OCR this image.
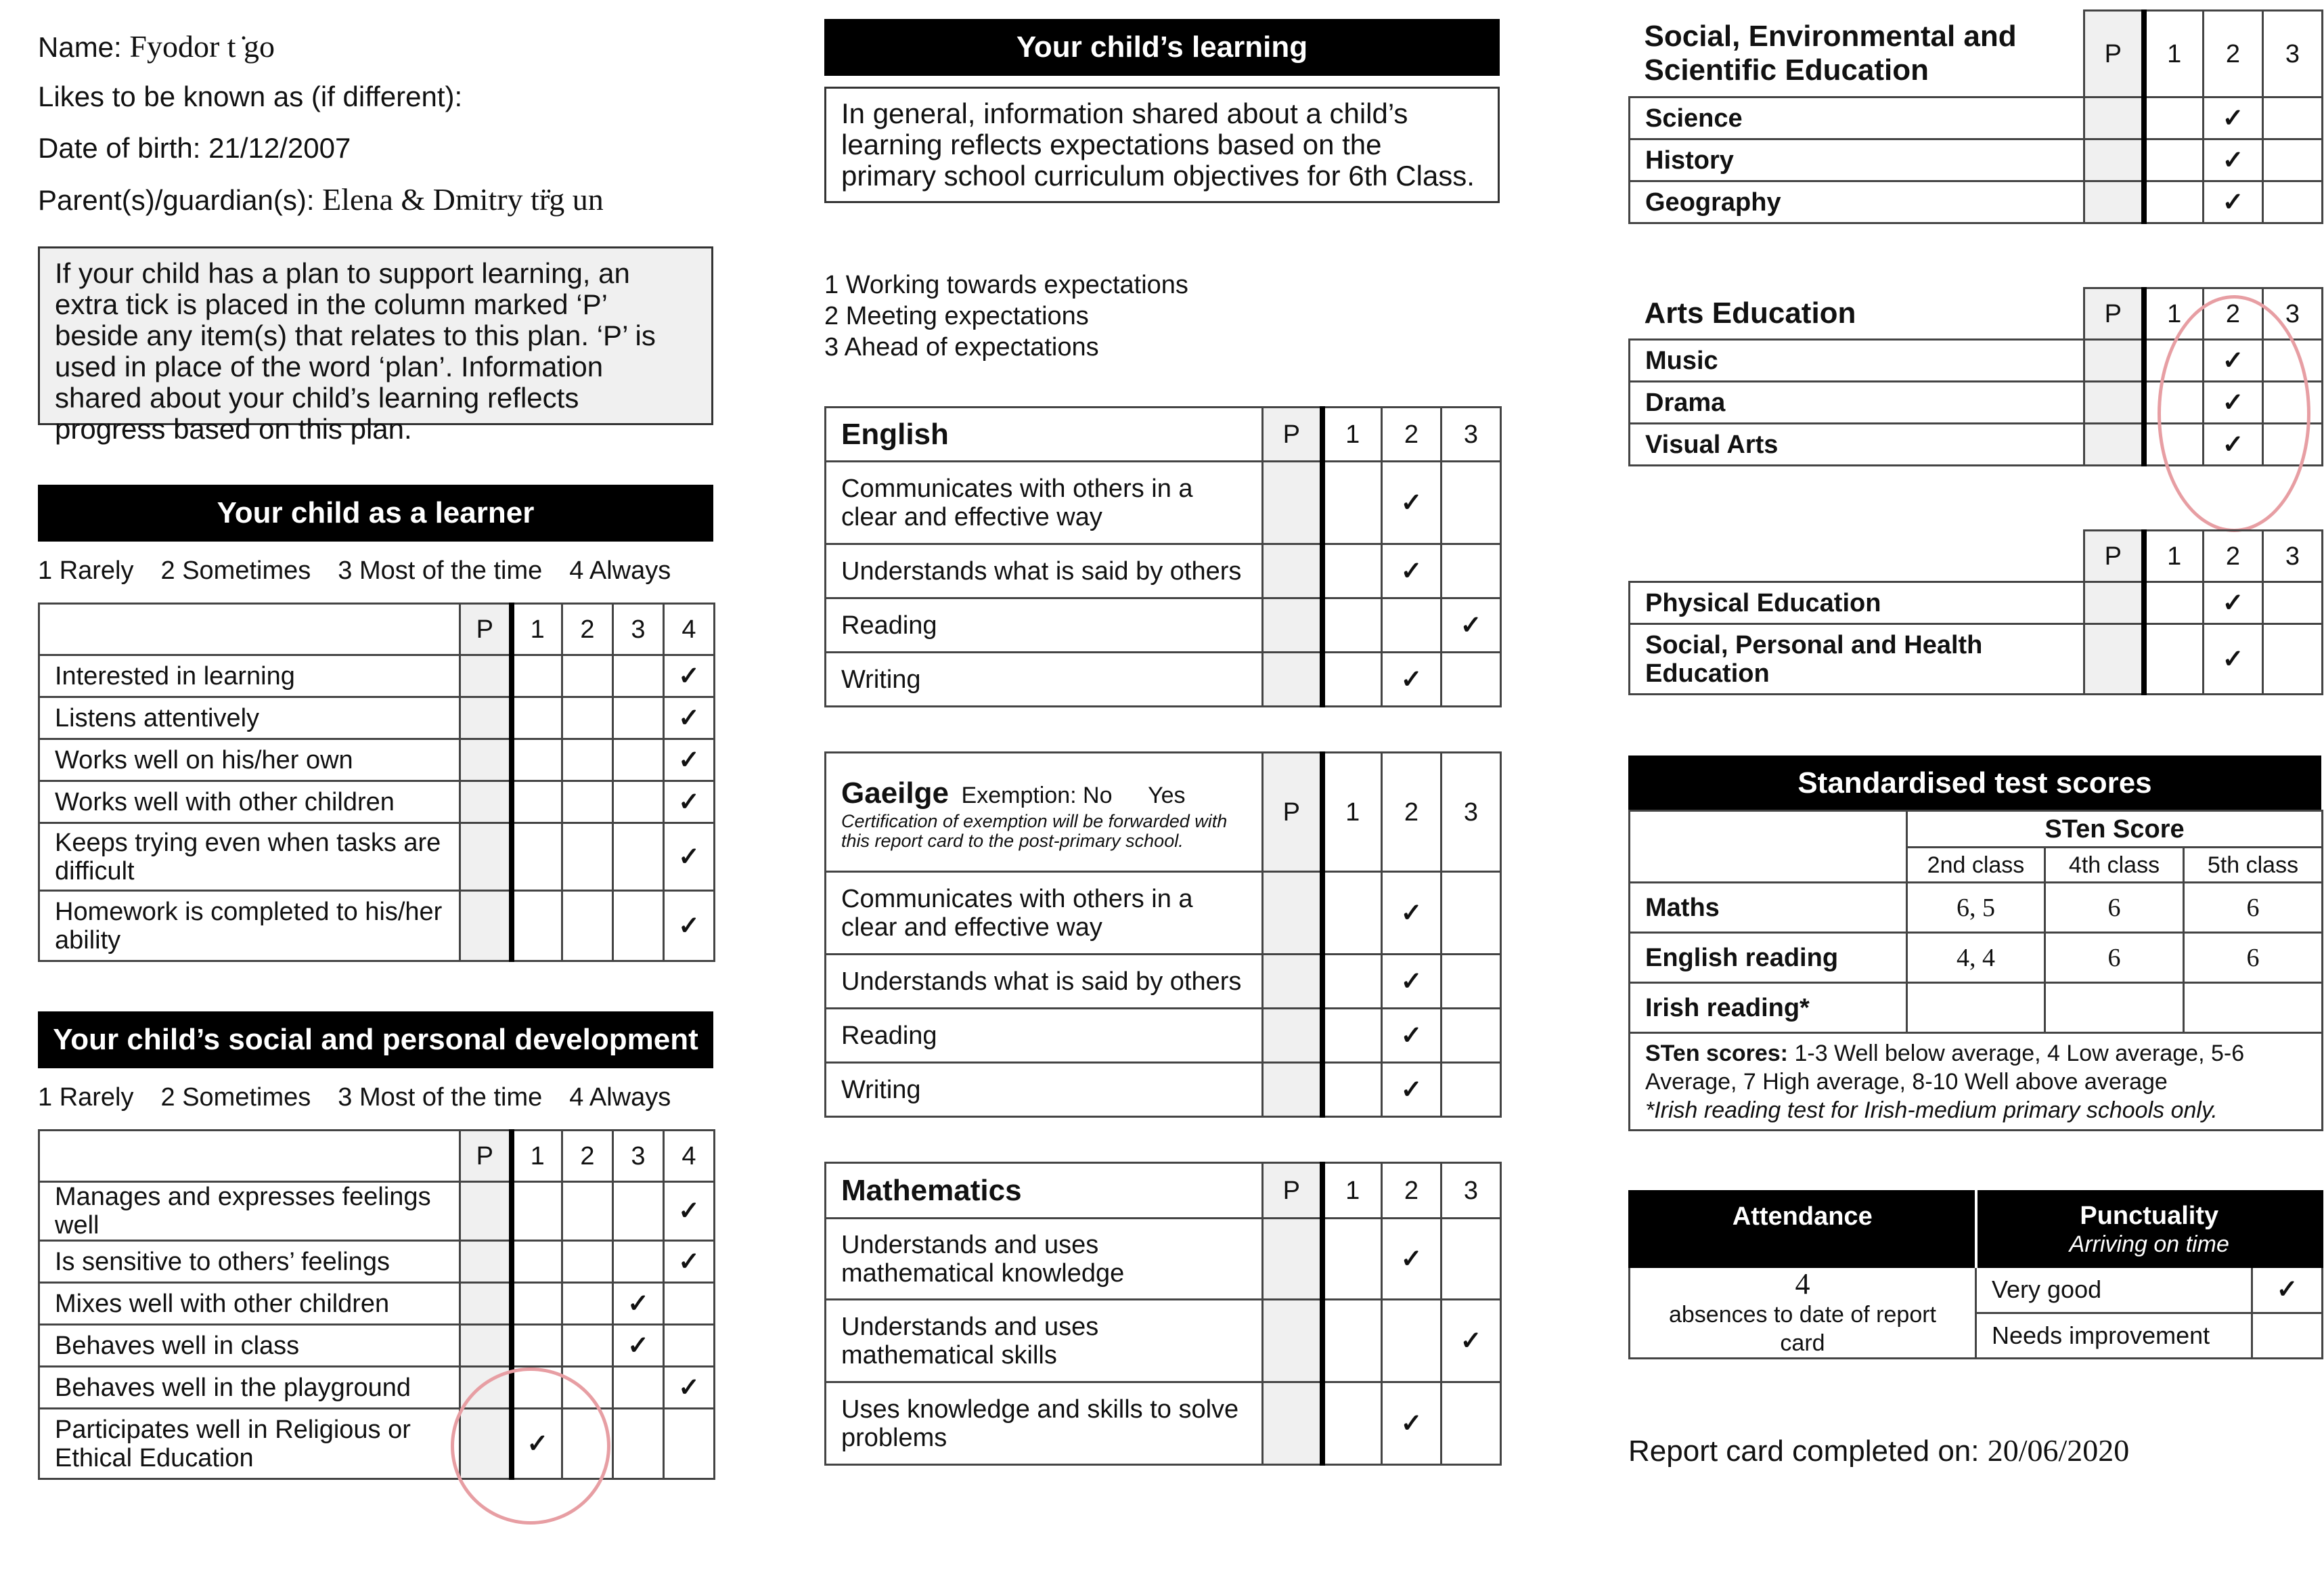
Name: Fyodor t ̇go
Likes to be known as (if different):
Date of birth: 21/12/2007
Parent(s)/guardian(s): Elena & Dmitry tr̈g un
If your child has a plan to support learning, an extra tick is placed in the column marked ‘P’ beside any item(s) that relates to this plan. ‘P’ is used in place of the word ‘plan’. Information shared about your child’s learning reflects progress based on this plan.
Your child as a learner
1 Rarely 2 Sometimes 3 Most of the time 4 Always
	P	1	2	3	4
Interested in learning					✓
Listens attentively					✓
Works well on his/her own					✓
Works well with other children					✓
Keeps trying even when tasks are difficult					✓
Homework is completed to his/her ability					✓
Your child’s social and personal development
1 Rarely 2 Sometimes 3 Most of the time 4 Always
	P	1	2	3	4
Manages and expresses feelings well					✓
Is sensitive to others’ feelings					✓
Mixes well with other children				✓	
Behaves well in class				✓	
Behaves well in the playground					✓
Participates well in Religious or Ethical Education		✓			
Your child’s learning
In general, information shared about a child’s learning reflects expectations based on the primary school curriculum objectives for 6th Class.
1 Working towards expectations
2 Meeting expectations
3 Ahead of expectations
English	P	1	2	3
Communicates with others in a clear and effective way			✓	
Understands what is said by others			✓	
Reading				✓
Writing			✓	
Gaeilge Exemption: No Yes
Certification of exemption will be forwarded with this report card to the post-primary school.	P	1	2	3
Communicates with others in a clear and effective way			✓	
Understands what is said by others			✓	
Reading			✓	
Writing			✓	
Mathematics	P	1	2	3
Understands and uses mathematical knowledge			✓	
Understands and uses mathematical skills				✓
Uses knowledge and skills to solve problems			✓	
Social, Environmental and Scientific Education	P	1	2	3
Science			✓	
History			✓	
Geography			✓	
Arts Education	P	1	2	3
Music			✓	
Drama			✓	
Visual Arts			✓	
	P	1	2	3
Physical Education			✓	
Social, Personal and Health Education			✓	
Standardised test scores
	STen Score		
	2nd class	4th class	5th class
Maths	6, 5	6	6
English reading	4, 4	6	6
Irish reading*			
STen scores: 1-3 Well below average, 4 Low average, 5-6 Average, 7 High average, 8-10 Well above average
*Irish reading test for Irish-medium primary schools only.			
Attendance	Punctuality
Arriving on time	

4
absences to date of report card	Very good	✓
	Needs improvement	
Report card completed on: 20/06/2020
